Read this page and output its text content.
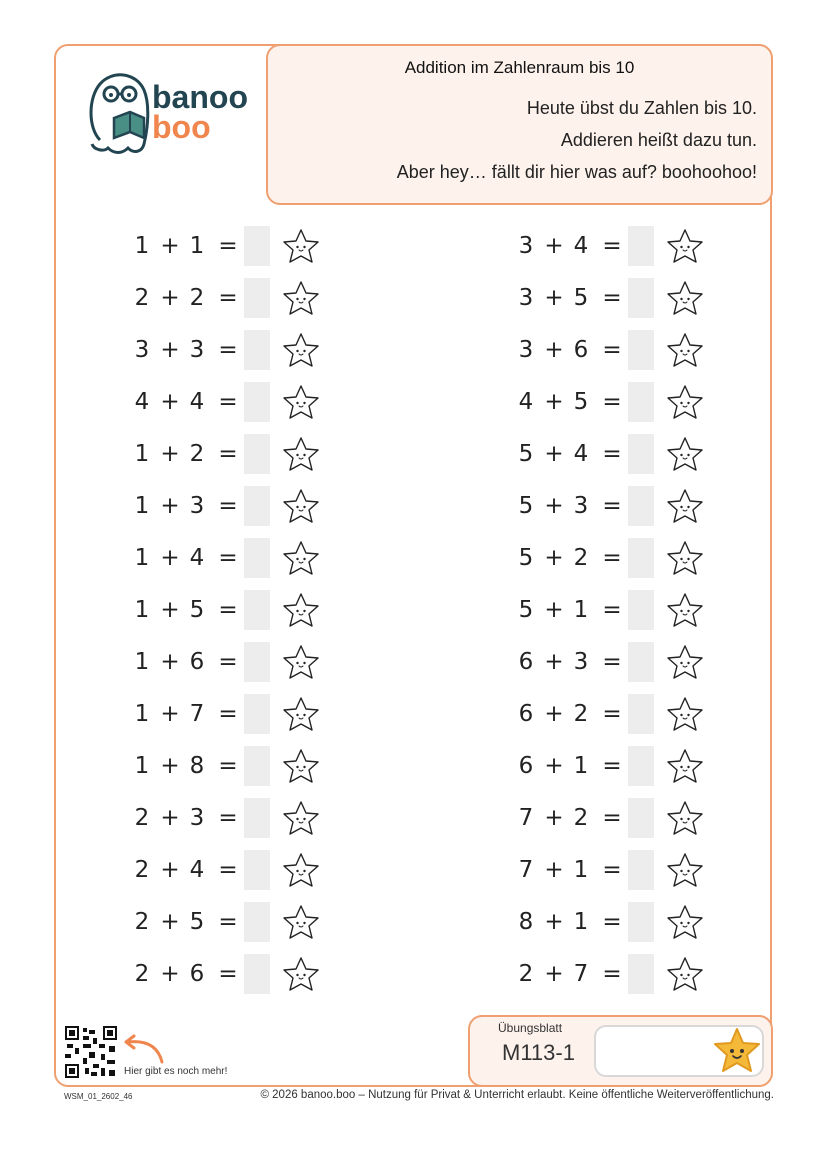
banoo
boo
Addition im Zahlenraum bis 10
Heute übst du Zahlen bis 10.
Addieren heißt dazu tun.
Aber hey… fällt dir hier was auf? boohoohoo!
1 + 1 =
2 + 2 =
3 + 3 =
4 + 4 =
1 + 2 =
1 + 3 =
1 + 4 =
1 + 5 =
1 + 6 =
1 + 7 =
1 + 8 =
2 + 3 =
2 + 4 =
2 + 5 =
2 + 6 =
3 + 4 =
3 + 5 =
3 + 6 =
4 + 5 =
5 + 4 =
5 + 3 =
5 + 2 =
5 + 1 =
6 + 3 =
6 + 2 =
6 + 1 =
7 + 2 =
7 + 1 =
8 + 1 =
2 + 7 =
Hier gibt es noch mehr!
Übungsblatt
M113-1
WSM_01_2602_46	© 2026 banoo.boo – Nutzung für Privat & Unterricht erlaubt. Keine öffentliche Weiterveröffentlichung.
